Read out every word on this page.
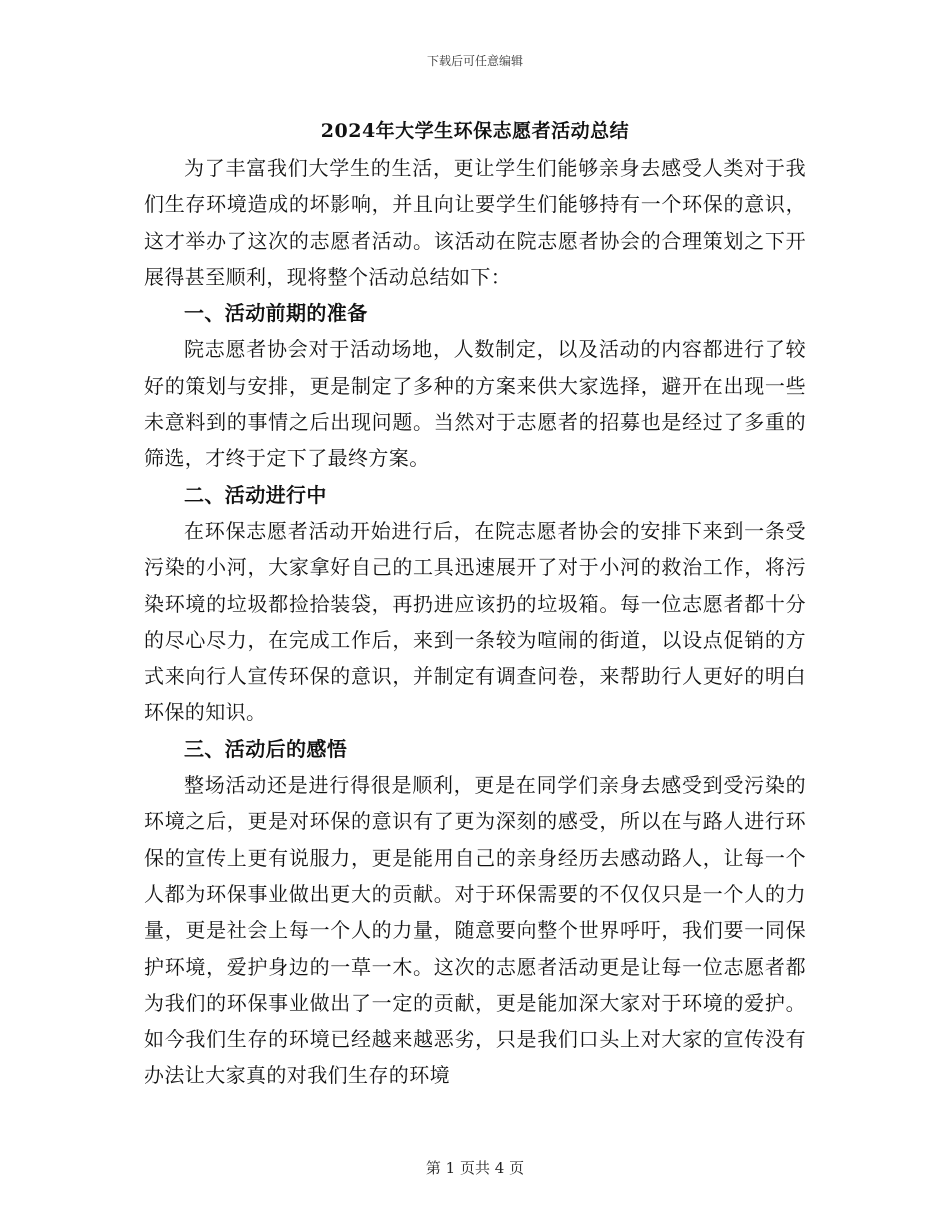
下载后可任意编辑
2024年大学生环保志愿者活动总结

为了丰富我们大学生的生活，更让学生们能够亲身去感受人类对于我们生存环境造成的坏影响，并且向让要学生们能够持有一个环保的意识，这才举办了这次的志愿者活动。该活动在院志愿者协会的合理策划之下开展得甚至顺利，现将整个活动总结如下：

一、活动前期的准备

院志愿者协会对于活动场地，人数制定，以及活动的内容都进行了较好的策划与安排，更是制定了多种的方案来供大家选择，避开在出现一些未意料到的事情之后出现问题。当然对于志愿者的招募也是经过了多重的筛选，才终于定下了最终方案。

二、活动进行中

在环保志愿者活动开始进行后，在院志愿者协会的安排下来到一条受污染的小河，大家拿好自己的工具迅速展开了对于小河的救治工作，将污染环境的垃圾都捡拾装袋，再扔进应该扔的垃圾箱。每一位志愿者都十分的尽心尽力，在完成工作后，来到一条较为喧闹的街道，以设点促销的方式来向行人宣传环保的意识，并制定有调查问卷，来帮助行人更好的明白环保的知识。

三、活动后的感悟

整场活动还是进行得很是顺利，更是在同学们亲身去感受到受污染的环境之后，更是对环保的意识有了更为深刻的感受，所以在与路人进行环保的宣传上更有说服力，更是能用自己的亲身经历去感动路人，让每一个人都为环保事业做出更大的贡献。对于环保需要的不仅仅只是一个人的力量，更是社会上每一个人的力量，随意要向整个世界呼吁，我们要一同保护环境，爱护身边的一草一木。这次的志愿者活动更是让每一位志愿者都为我们的环保事业做出了一定的贡献，更是能加深大家对于环境的爱护。如今我们生存的环境已经越来越恶劣，只是我们口头上对大家的宣传没有办法让大家真的对我们生存的环境

第 1 页共 4 页
